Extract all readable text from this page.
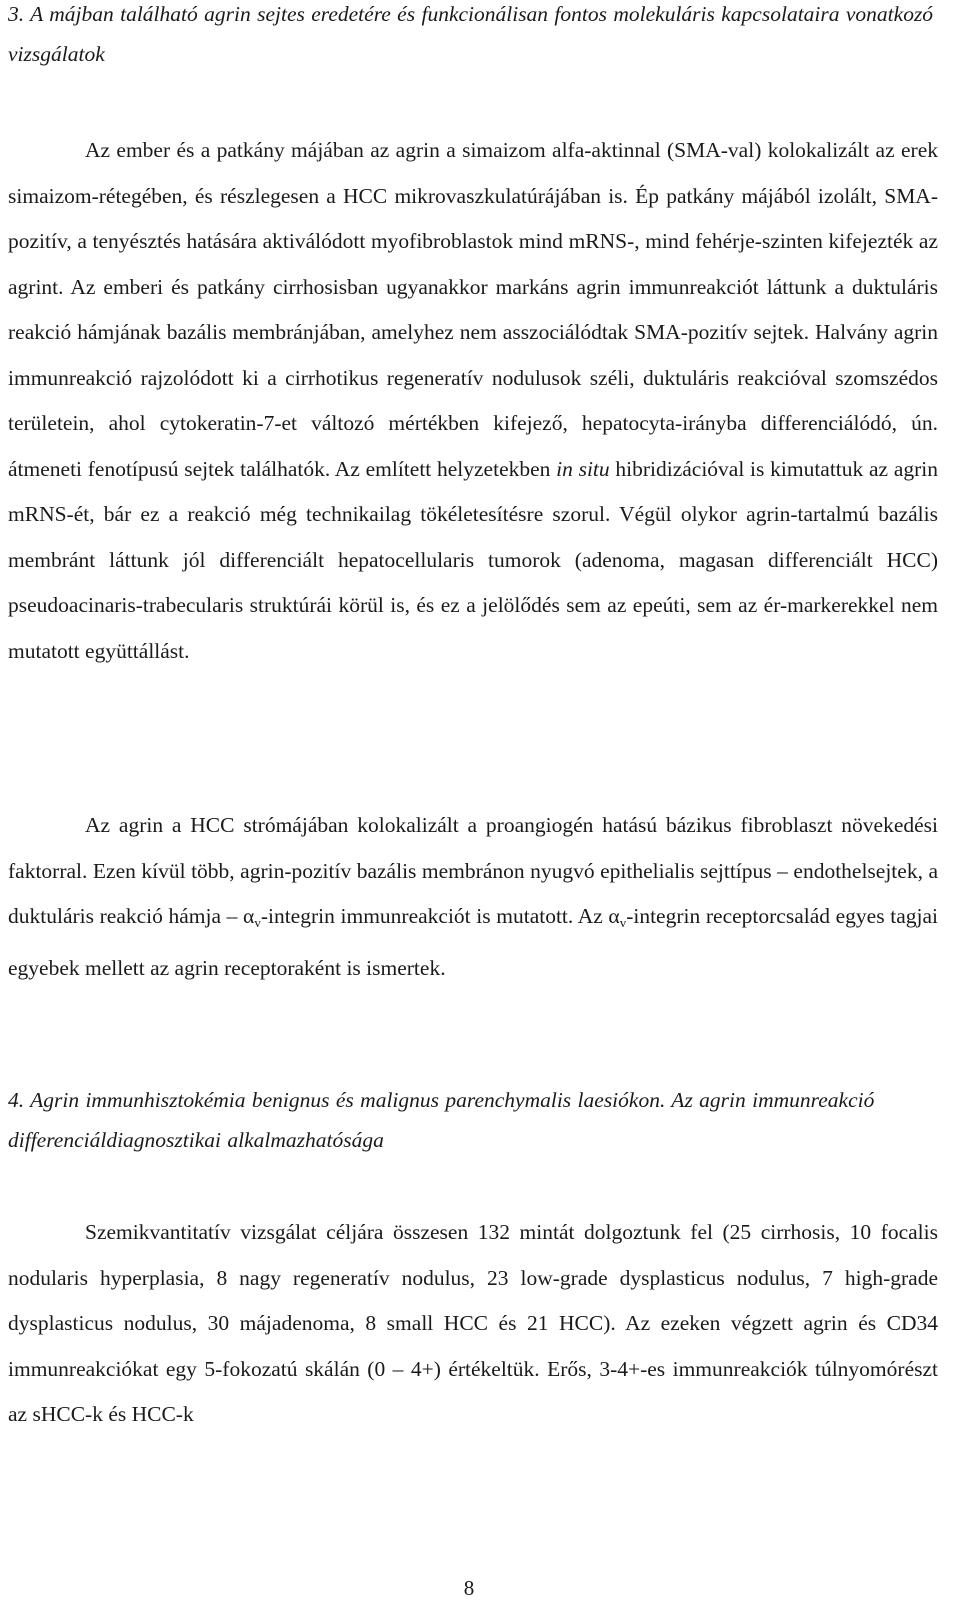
3. A májban található agrin sejtes eredetére és funkcionálisan fontos molekuláris kapcsolataira vonatkozó vizsgálatok

Az ember és a patkány májában az agrin a simaizom alfa-aktinnal (SMA-val) kolokalizált az erek simaizom-rétegében, és részlegesen a HCC mikrovaszkulatúrájában is. Ép patkány májából izolált, SMA-pozitív, a tenyésztés hatására aktiválódott myofibroblastok mind mRNS-, mind fehérje-szinten kifejezték az agrint. Az emberi és patkány cirrhosisban ugyanakkor markáns agrin immunreakciót láttunk a duktuláris reakció hámjának bazális membránjában, amelyhez nem asszociálódtak SMA-pozitív sejtek. Halvány agrin immunreakció rajzolódott ki a cirrhotikus regeneratív nodulusok széli, duktuláris reakcióval szomszédos területein, ahol cytokeratin-7-et változó mértékben kifejező, hepatocyta-irányba differenciálódó, ún. átmeneti fenotípusú sejtek találhatók. Az említett helyzetekben in situ hibridizációval is kimutattuk az agrin mRNS-ét, bár ez a reakció még technikailag tökéletesítésre szorul. Végül olykor agrin-tartalmú bazális membránt láttunk jól differenciált hepatocellularis tumorok (adenoma, magasan differenciált HCC) pseudoacinaris-trabecularis struktúrái körül is, és ez a jelölődés sem az epeúti, sem az ér-markerekkel nem mutatott együttállást.

Az agrin a HCC strómájában kolokalizált a proangiogén hatású bázikus fibroblaszt növekedési faktorral. Ezen kívül több, agrin-pozitív bazális membránon nyugvó epithelialis sejttípus – endothelsejtek, a duktuláris reakció hámja – $\alpha_v$-integrin immunreakciót is mutatott. Az $\alpha_v$-integrin receptorcsalád egyes tagjai egyebek mellett az agrin receptoraként is ismertek.

4. Agrin immunhisztokémia benignus és malignus parenchymalis laesiókon. Az agrin immunreakció differenciáldiagnosztikai alkalmazhatósága

Szemikvantitatív vizsgálat céljára összesen 132 mintát dolgoztunk fel (25 cirrhosis, 10 focalis nodularis hyperplasia, 8 nagy regeneratív nodulus, 23 low-grade dysplasticus nodulus, 7 high-grade dysplasticus nodulus, 30 májadenoma, 8 small HCC és 21 HCC). Az ezeken végzett agrin és CD34 immunreakciókat egy 5-fokozatú skálán (0 – 4+) értékeltük. Erős, 3-4+-es immunreakciók túlnyomórészt az sHCC-k és HCC-k

8
